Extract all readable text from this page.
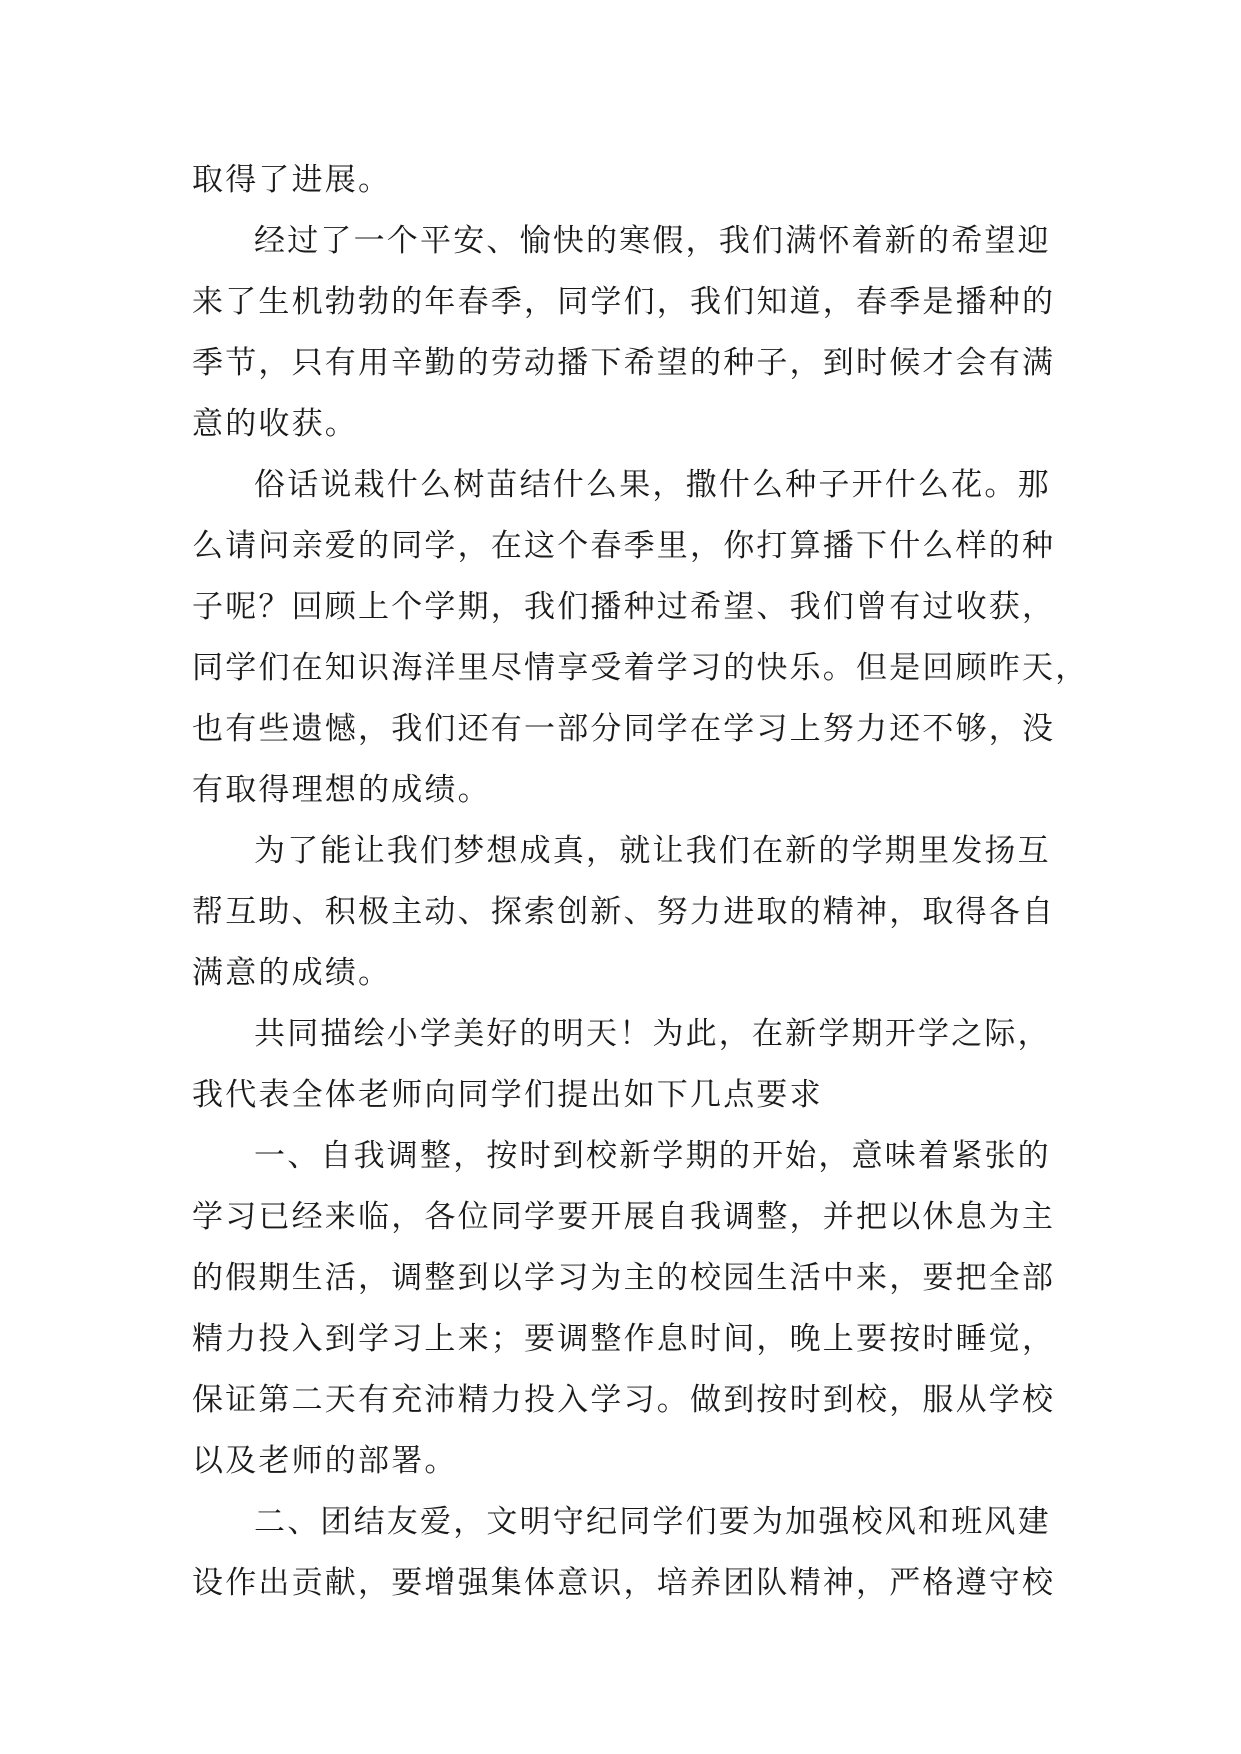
取得了进展。
经过了一个平安、愉快的寒假，我们满怀着新的希望迎
来了生机勃勃的年春季，同学们，我们知道，春季是播种的
季节，只有用辛勤的劳动播下希望的种子，到时候才会有满
意的收获。
俗话说栽什么树苗结什么果，撒什么种子开什么花。那
么请问亲爱的同学，在这个春季里，你打算播下什么样的种
子呢？回顾上个学期，我们播种过希望、我们曾有过收获，
同学们在知识海洋里尽情享受着学习的快乐。但是回顾昨天，
也有些遗憾，我们还有一部分同学在学习上努力还不够，没
有取得理想的成绩。
为了能让我们梦想成真，就让我们在新的学期里发扬互
帮互助、积极主动、探索创新、努力进取的精神，取得各自
满意的成绩。
共同描绘小学美好的明天！为此，在新学期开学之际，
我代表全体老师向同学们提出如下几点要求
一、自我调整，按时到校新学期的开始，意味着紧张的
学习已经来临，各位同学要开展自我调整，并把以休息为主
的假期生活，调整到以学习为主的校园生活中来，要把全部
精力投入到学习上来；要调整作息时间，晚上要按时睡觉，
保证第二天有充沛精力投入学习。做到按时到校，服从学校
以及老师的部署。
二、团结友爱，文明守纪同学们要为加强校风和班风建
设作出贡献，要增强集体意识，培养团队精神，严格遵守校
